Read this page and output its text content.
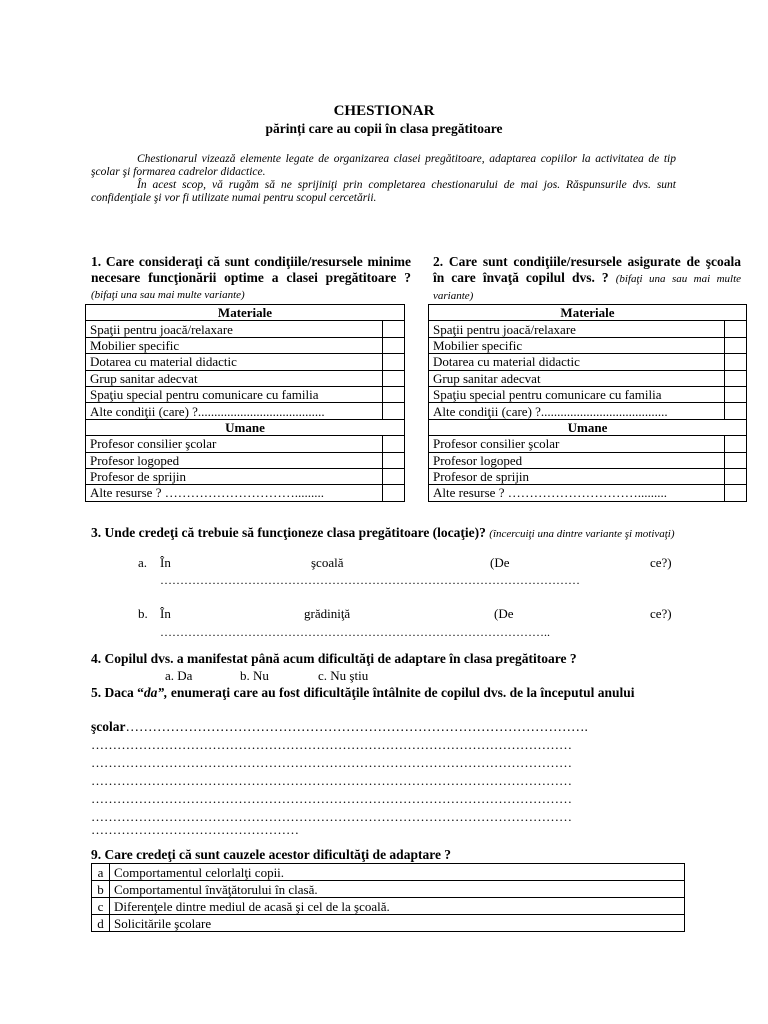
CHESTIONAR
părinți care au copii în clasa pregătitoare
Chestionarul vizează elemente legate de organizarea clasei pregătitoare, adaptarea copiilor la activitatea de tip şcolar şi formarea cadrelor didactice.
În acest scop, vă rugăm să ne sprijiniţi prin completarea chestionarului de mai jos. Răspunsurile dvs. sunt confidenţiale şi vor fi utilizate numai pentru scopul cercetării.
1. Care consideraţi că sunt condiţiile/resursele minime necesare funcţionării optime a clasei pregătitoare ? (bifaţi una sau mai multe variante)
2. Care sunt condiţiile/resursele asigurate de şcoala în care învaţă copilul dvs. ? (bifaţi una sau mai multe variante)
Materiale	
Spaţii pentru joacă/relaxare	
Mobilier specific	
Dotarea cu material didactic	
Grup sanitar adecvat	
Spaţiu special pentru comunicare cu familia	
Alte condiţii (care) ?.......................................	
Umane	
Profesor consilier şcolar	
Profesor logoped	
Profesor de sprijin	
Alte resurse ? ………………………….........	
Materiale	
Spaţii pentru joacă/relaxare	
Mobilier specific	
Dotarea cu material didactic	
Grup sanitar adecvat	
Spaţiu special pentru comunicare cu familia	
Alte condiţii (care) ?.......................................	
Umane	
Profesor consilier şcolar	
Profesor logoped	
Profesor de sprijin	
Alte resurse ? ………………………….........	
3. Unde credeţi că trebuie să funcţioneze clasa pregătitoare (locaţie)? (încercuiţi una dintre variante şi motivaţi)
a. În	şcoală	(De	ce?)
……………………………………………………………………………………………
b. În	grădiniţă	(De	ce?)
……………………………………………………………………………………..
4. Copilul dvs. a manifestat până acum dificultăţi de adaptare în clasa pregătitoare ?
a. Da	b. Nu	c. Nu ştiu
5. Daca “da”, enumeraţi care au fost dificultăţile întâlnite de copilul dvs. de la începutul anului
şcolar………………………………………………………………………………………….
…………………………………………………………………………………………………
…………………………………………………………………………………………………
…………………………………………………………………………………………………
…………………………………………………………………………………………………
…………………………………………………………………………………………………
…………………………………………
9. Care credeţi că sunt cauzele acestor dificultăţi de adaptare ?
a	Comportamentul celorlalţi copii.
b	Comportamentul învăţătorului în clasă.
c	Diferenţele dintre mediul de acasă şi cel de la şcoală.
d	Solicitările şcolare
